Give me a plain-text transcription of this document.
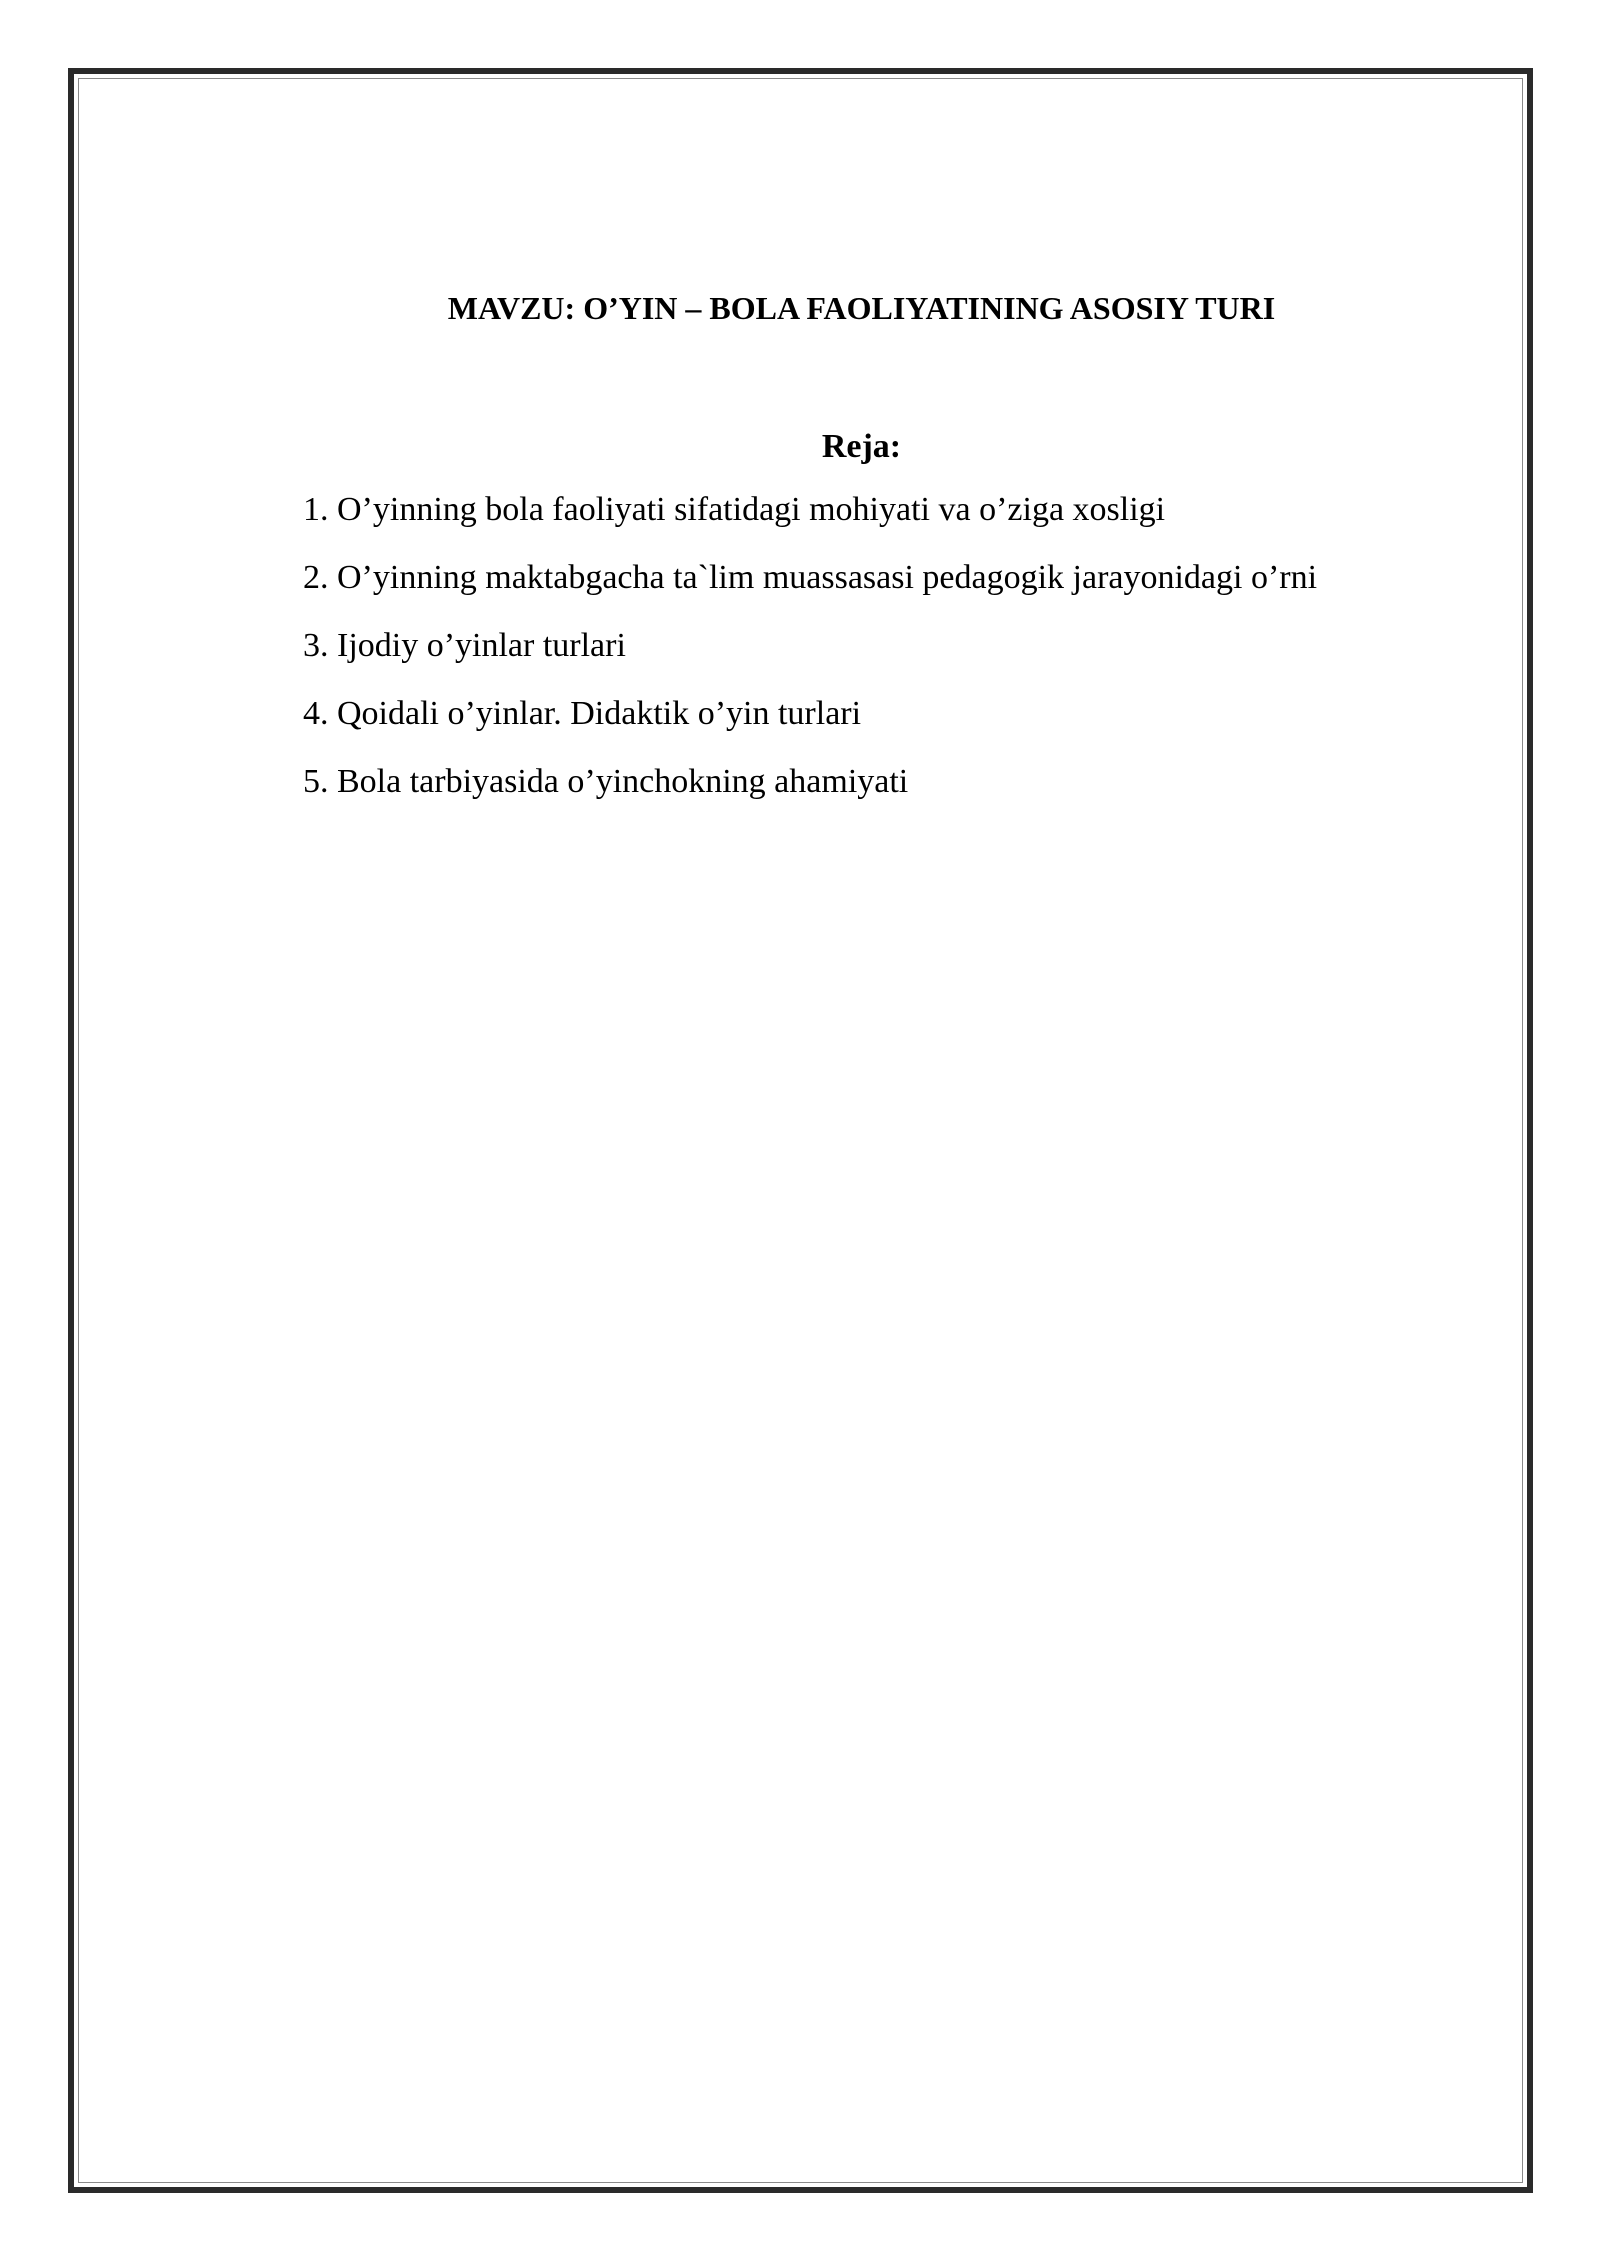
MAVZU: O’YIN – BOLA FAOLIYATINING ASOSIY TURI
Reja:
1. O’yinning bola faoliyati sifatidagi mohiyati va o’ziga xosligi
2. O’yinning maktabgacha ta`lim muassasasi pedagogik jarayonidagi o’rni
3. Ijodiy o’yinlar turlari
4. Qoidali o’yinlar. Didaktik o’yin turlari
5. Bola tarbiyasida o’yinchokning ahamiyati
